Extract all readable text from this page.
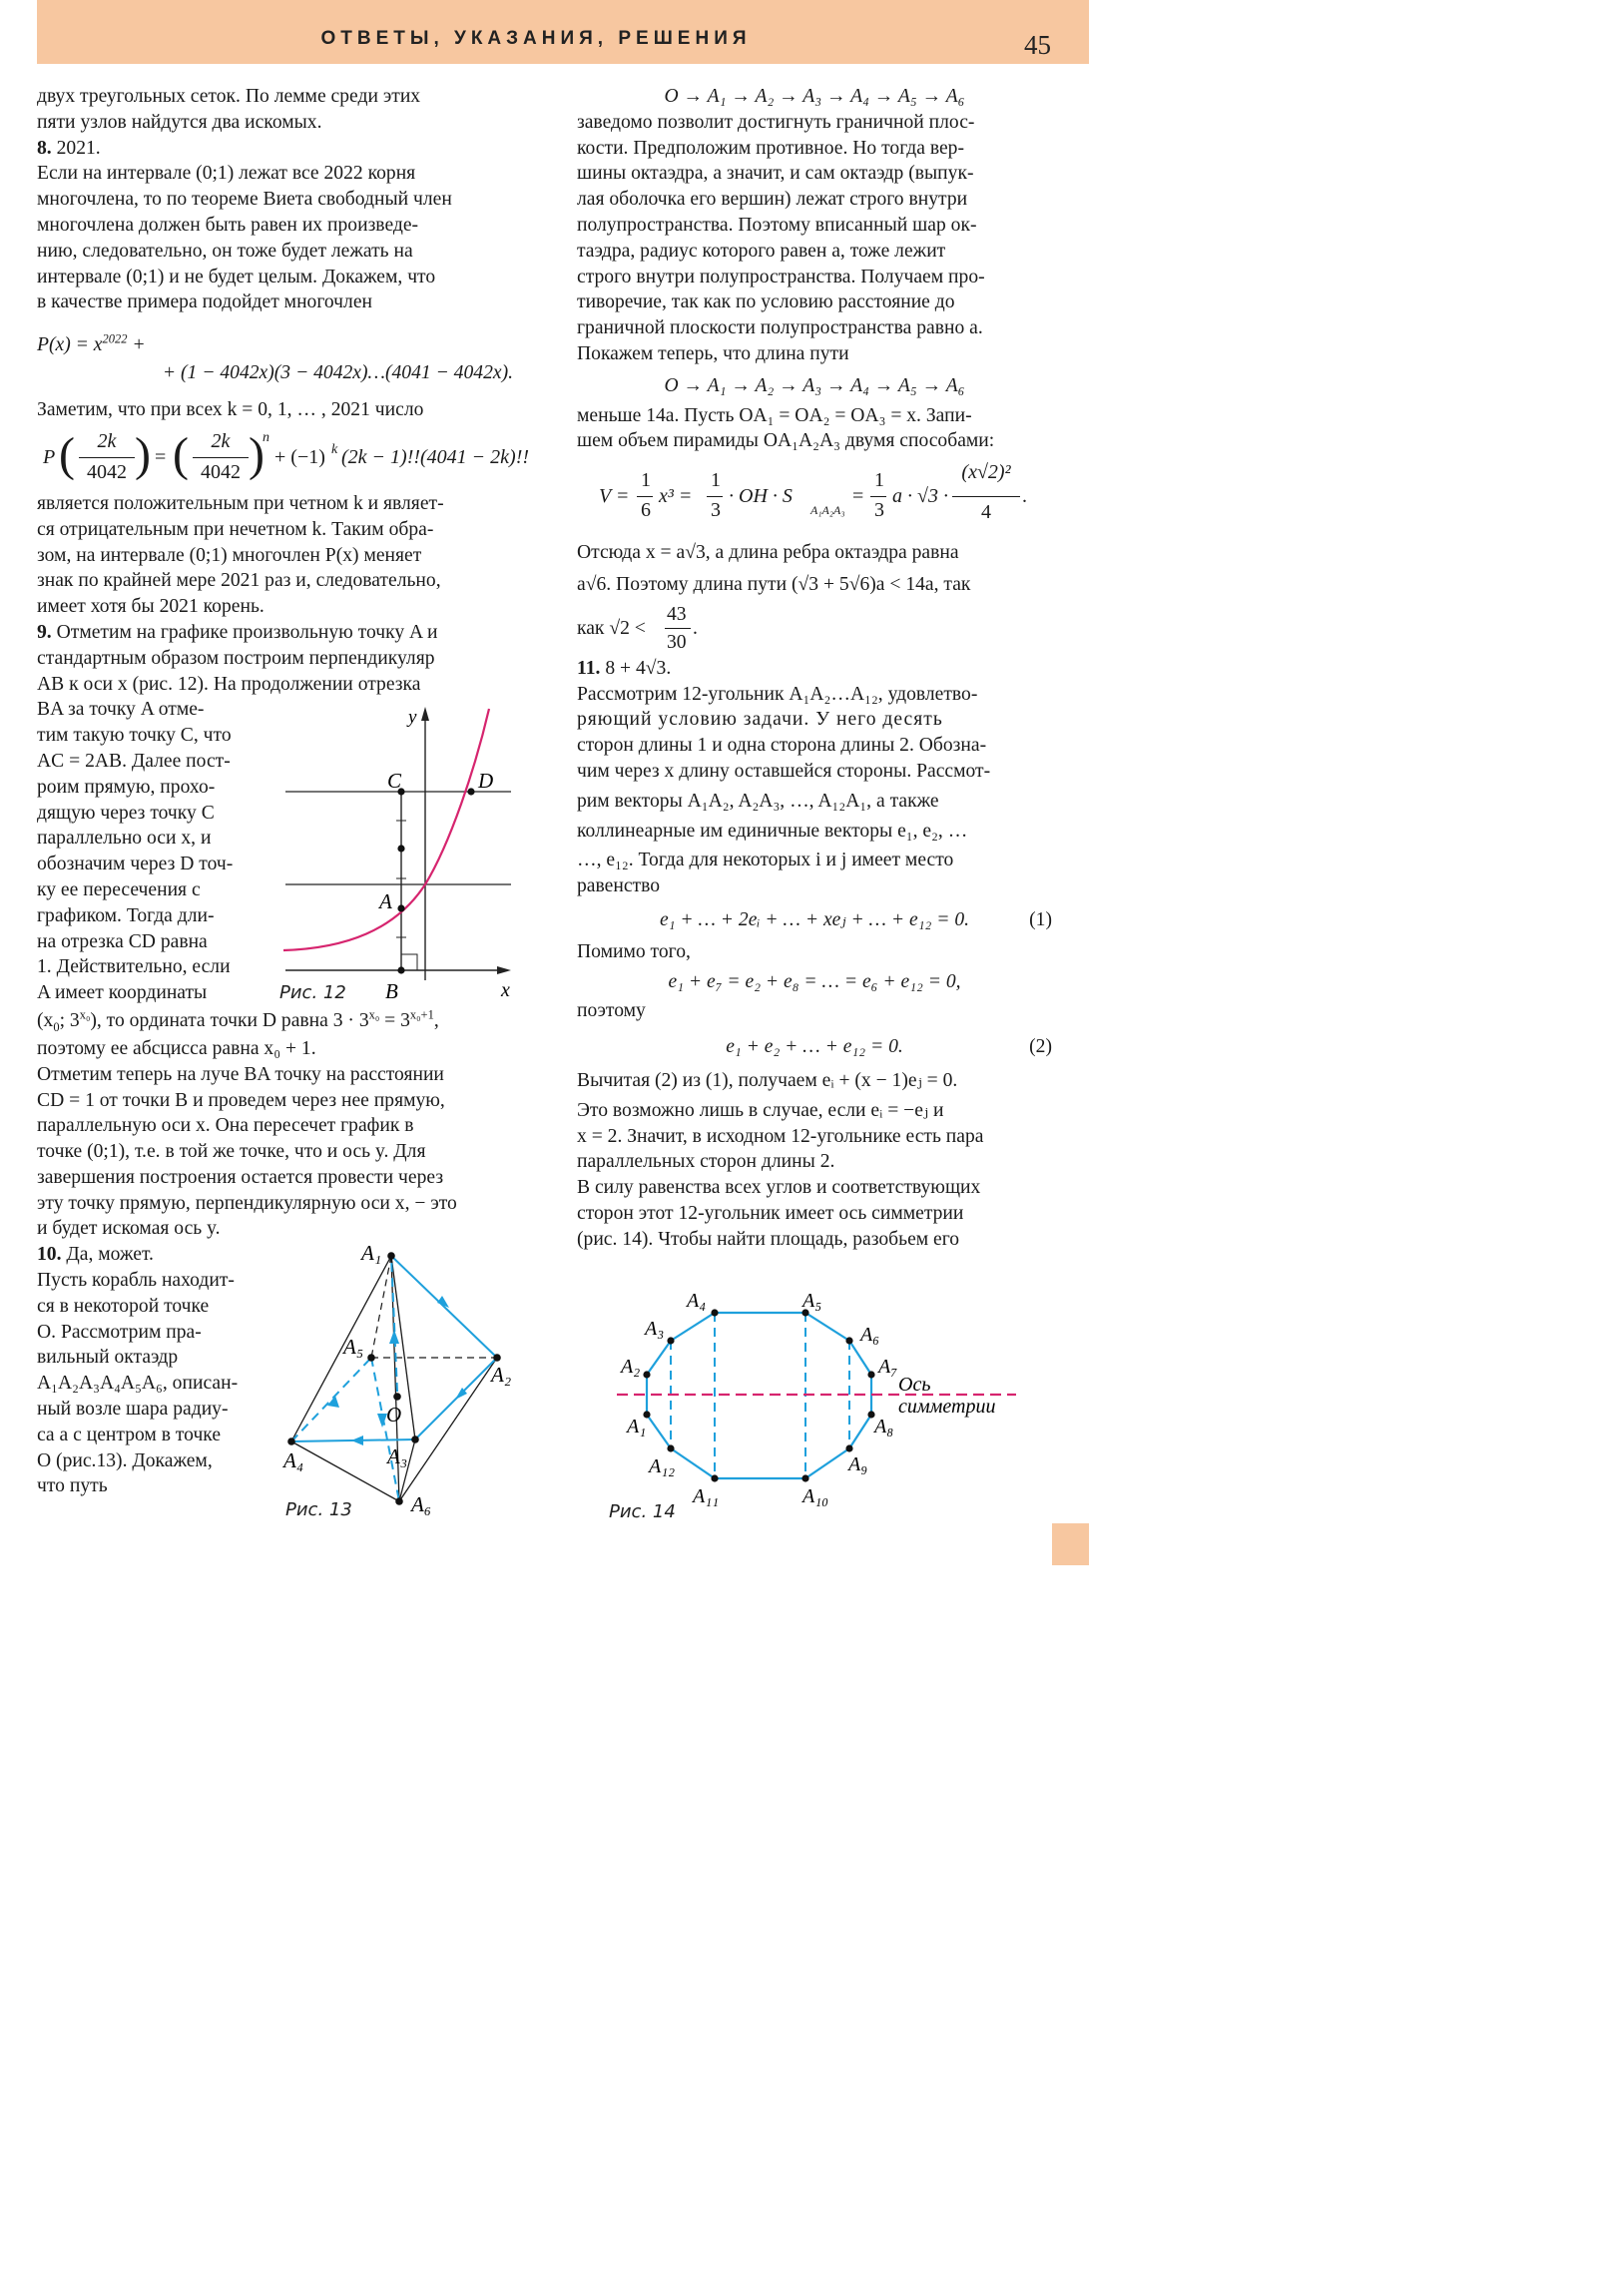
ОТВЕТЫ, УКАЗАНИЯ, РЕШЕНИЯ	45

двух треугольных сеток. По лемме среди этих

пяти узлов найдутся два искомых.

8. 2021.

Если на интервале (0;1) лежат все 2022 корня

многочлена, то по теореме Виета свободный член

многочлена должен быть равен их произведе-

нию, следовательно, он тоже будет лежать на

интервале (0;1) и не будет целым. Докажем, что

в качестве примера подойдет многочлен

$P(x) = x^{2022}$ +
+ (1 − 4042x)(3 − 4042x)…(4041 − 4042x).

Заметим, что при всех k = 0, 1, … , 2021 число

P (	2k
4042 ) = (	2k
4042 )
n
+ (−1) k (2k − 1)!!(4041 − 2k)!!

является положительным при четном k и являет-

ся отрицательным при нечетном k. Таким обра-

зом, на интервале (0;1) многочлен P(x) меняет

знак по крайней мере 2021 раз и, следовательно,

имеет хотя бы 2021 корень.

9. Отметим на графике произвольную точку A и

стандартным образом построим перпендикуляр

AB к оси x (рис. 12). На продолжении отрезка

BA за точку A отме-

тим такую точку C, что

AC = 2AB. Далее пост-

роим прямую, прохо-

дящую через точку C

параллельно оси x, и

обозначим через D точ-

ку ее пересечения с

графиком. Тогда дли-

на отрезка CD равна

1. Действительно, если

A имеет координаты

($x_0$; $3^{x_0}$), то ордината точки D равна $3 \cdot 3^{x_0} = 3^{x_0+1}$,

поэтому ее абсцисса равна x₀ + 1.

Отметим теперь на луче BA точку на расстоянии

CD = 1 от точки B и проведем через нее прямую,

параллельную оси x. Она пересечет график в

точке (0;1), т.е. в той же точке, что и ось y. Для

завершения построения остается провести через

эту точку прямую, перпендикулярную оси x, − это

и будет искомая ось y.

10. Да, может.

Пусть корабль находит-

ся в некоторой точке

O. Рассмотрим пра-

вильный октаэдр

A₁A₂A₃A₄A₅A₆, описан-

ный возле шара радиу-

са a с центром в точке

O (рис.13). Докажем,

что путь

y
x
C	D
A
B
Рис. 12
A₁
A₂
A₃
A₄
A₅
A₆
O
Рис. 13

O → A₁ → A₂ → A₃ → A₄ → A₅ → A₆

заведомо позволит достигнуть граничной плос-

кости. Предположим противное. Но тогда вер-

шины октаэдра, а значит, и сам октаэдр (выпук-

лая оболочка его вершин) лежат строго внутри

полупространства. Поэтому вписанный шар ок-

таэдра, радиус которого равен a, тоже лежит

строго внутри полупространства. Получаем про-

тиворечие, так как по условию расстояние до

граничной плоскости полупространства равно a.

Покажем теперь, что длина пути

O → A₁ → A₂ → A₃ → A₄ → A₅ → A₆

меньше 14a. Пусть OA₁ = OA₂ = OA₃ = x. Запи-

шем объем пирамиды OA₁A₂A₃ двумя способами:

V =
1
6
x³ =
1
3
· OH · S
A₁A₂A₃
=
1
3
a · √3 ·
(x√2)²
4
.

Отсюда x = a√3, а длина ребра октаэдра равна

a√6. Поэтому длина пути (√3 + 5√6)a < 14a, так

как √2 <
43
30
.

11. 8 + 4√3.

Рассмотрим 12-угольник A₁A₂…A₁₂, удовлетво-

ряющий условию задачи. У него десять

сторон длины 1 и одна сторона длины 2. Обозна-

чим через x длину оставшейся стороны. Рассмот-

рим векторы A₁A₂, A₂A₃, …, A₁₂A₁, а также

коллинеарные им единичные векторы e₁, e₂, …

…, e₁₂. Тогда для некоторых i и j имеет место

равенство

e₁ + … + 2eᵢ + … + xeⱼ + … + e₁₂ = 0.	(1)

Помимо того,

e₁ + e₇ = e₂ + e₈ = … = e₆ + e₁₂ = 0,

поэтому

e₁ + e₂ + … + e₁₂ = 0.	(2)

Вычитая (2) из (1), получаем eᵢ + (x − 1)eⱼ = 0.

Это возможно лишь в случае, если eᵢ = −eⱼ и

x = 2. Значит, в исходном 12-угольнике есть пара

параллельных сторон длины 2.

В силу равенства всех углов и соответствующих

сторон этот 12-угольник имеет ось симметрии

(рис. 14). Чтобы найти площадь, разобьем его

A₁
A₂
A₃
A₄	A₅
A₆
A₇
A₈
A₉
A₁₀
A₁₁
A₁₂
Ось
симметрии
Рис. 14
